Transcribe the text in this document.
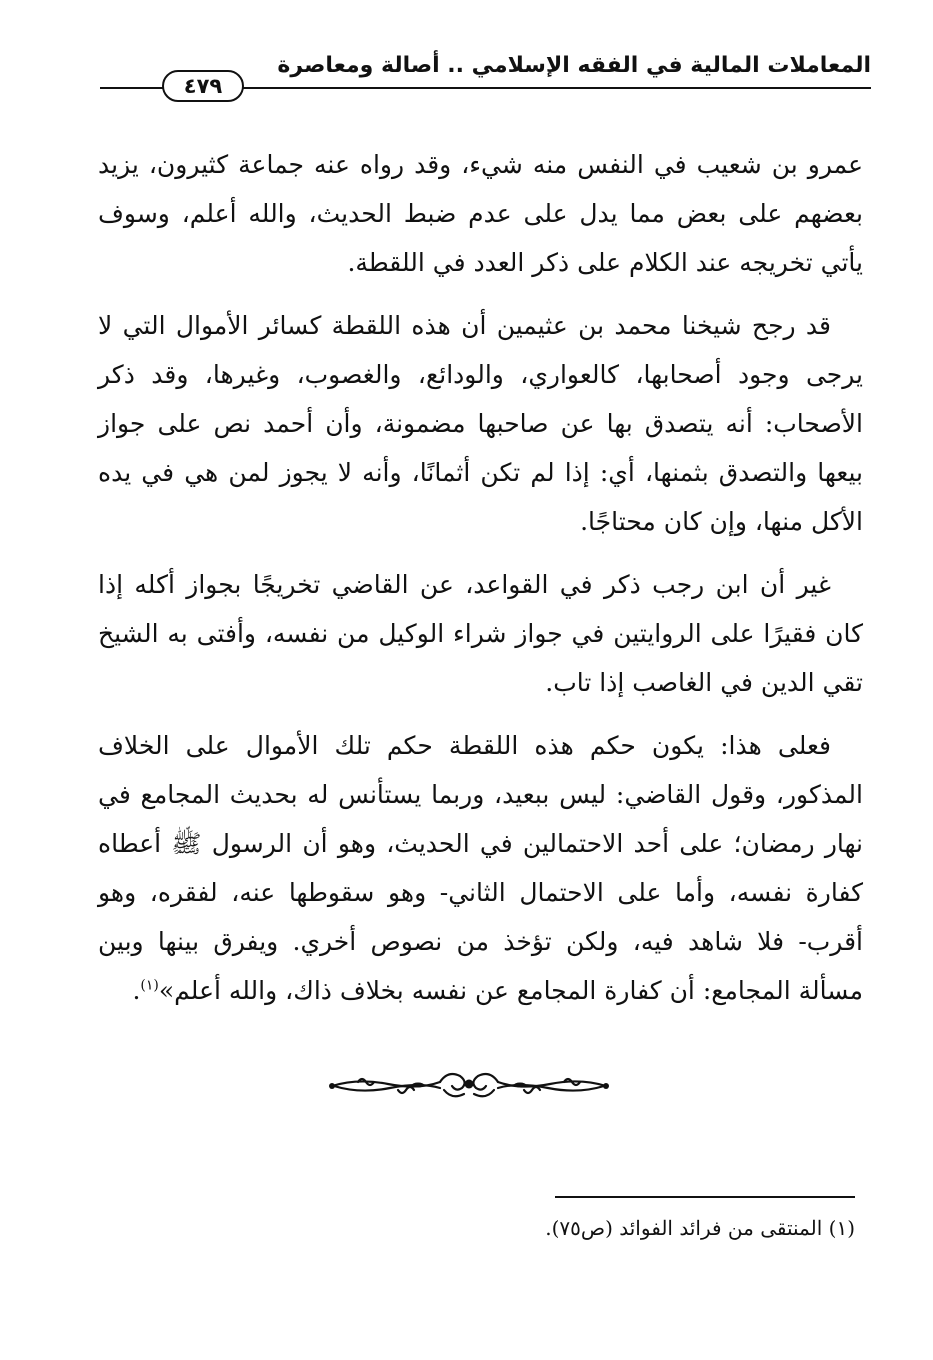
المعاملات المالية في الفقه الإسلامي .. أصالة ومعاصرة
٤٧٩

عمرو بن شعيب في النفس منه شيء، وقد رواه عنه جماعة كثيرون، يزيد بعضهم على بعض مما يدل على عدم ضبط الحديث، والله أعلم، وسوف يأتي تخريجه عند الكلام على ذكر العدد في اللقطة.

قد رجح شيخنا محمد بن عثيمين أن هذه اللقطة كسائر الأموال التي لا يرجى وجود أصحابها، كالعواري، والودائع، والغصوب، وغيرها، وقد ذكر الأصحاب: أنه يتصدق بها عن صاحبها مضمونة، وأن أحمد نص على جواز بيعها والتصدق بثمنها، أي: إذا لم تكن أثمانًا، وأنه لا يجوز لمن هي في يده الأكل منها، وإن كان محتاجًا.

غير أن ابن رجب ذكر في القواعد، عن القاضي تخريجًا بجواز أكله إذا كان فقيرًا على الروايتين في جواز شراء الوكيل من نفسه، وأفتى به الشيخ تقي الدين في الغاصب إذا تاب.

فعلى هذا: يكون حكم هذه اللقطة حكم تلك الأموال على الخلاف المذكور، وقول القاضي: ليس ببعيد، وربما يستأنس له بحديث المجامع في نهار رمضان؛ على أحد الاحتمالين في الحديث، وهو أن الرسول ﷺ أعطاه كفارة نفسه، وأما على الاحتمال الثاني- وهو سقوطها عنه، لفقره، وهو أقرب- فلا شاهد فيه، ولكن تؤخذ من نصوص أخري. ويفرق بينها وبين مسألة المجامع: أن كفارة المجامع عن نفسه بخلاف ذاك، والله أعلم»$^{(١)}$.

(١) المنتقى من فرائد الفوائد (ص٧٥).
